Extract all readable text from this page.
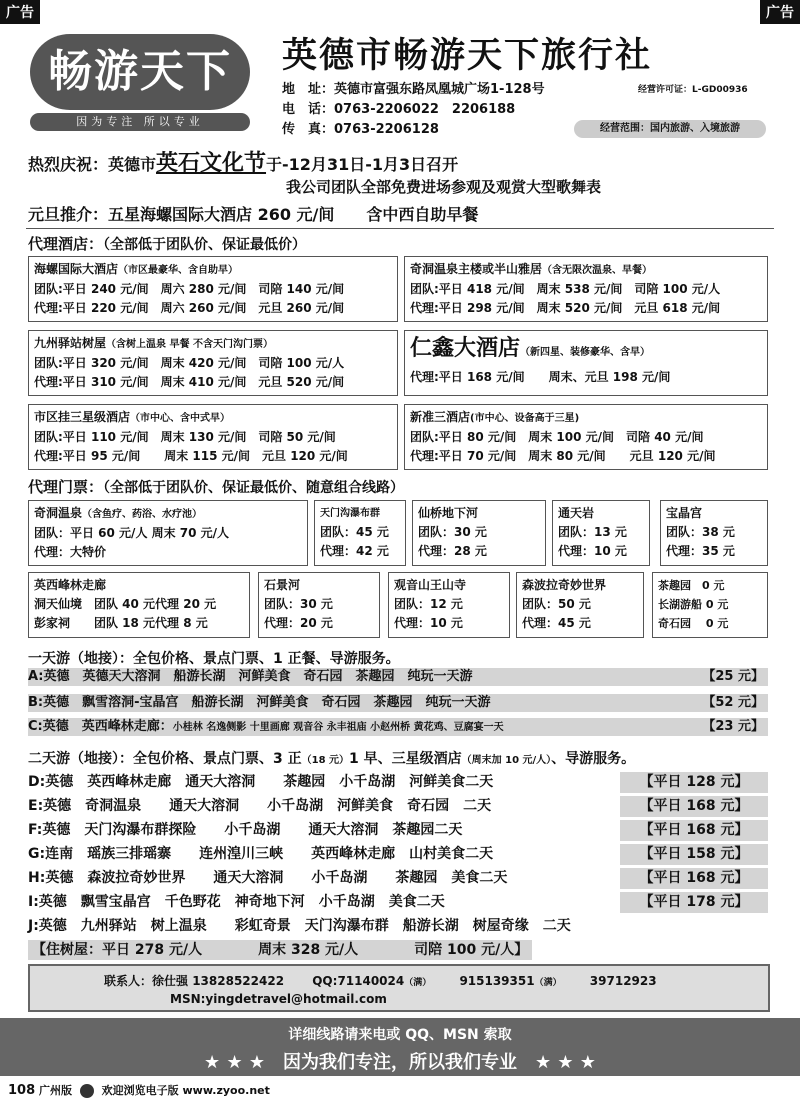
广告	广告
畅游天下
因为专注 所以专业
英德市畅游天下旅行社
地　址：英德市富强东路凤凰城广场1-128号	经营许可证：L-GD00936
电　话：0763-2206022　2206188
传　真：0763-2206128	经营范围：国内旅游、入境旅游
热烈庆祝：英德市英石文化节于-12月31日-1月3日召开
我公司团队全部免费进场参观及观赏大型歌舞表
元旦推介：五星海螺国际大酒店 260 元/间　　含中西自助早餐
代理酒店：（全部低于团队价、保证最低价）
海螺国际大酒店（市区最豪华、含自助早）
团队:平日 240 元/间　周六 280 元/间　司陪 140 元/间
代理:平日 220 元/间　周六 260 元/间　元旦 260 元/间
奇洞温泉主楼或半山雅居（含无限次温泉、早餐）
团队:平日 418 元/间　周末 538 元/间　司陪 100 元/人
代理:平日 298 元/间　周末 520 元/间　元旦 618 元/间
九州驿站树屋（含树上温泉 早餐 不含天门沟门票）
团队:平日 320 元/间　周末 420 元/间　司陪 100 元/人
代理:平日 310 元/间　周末 410 元/间　元旦 520 元/间
仁鑫大酒店（新四星、装修豪华、含早）
代理:平日 168 元/间　　周末、元旦 198 元/间
市区挂三星级酒店（市中心、含中式早）
团队:平日 110 元/间　周末 130 元/间　司陪 50 元/间
代理:平日 95 元/间　　周末 115 元/间　元旦 120 元/间
新准三酒店(市中心、设备高于三星)
团队:平日 80 元/间　周末 100 元/间　司陪 40 元/间
代理:平日 70 元/间　周末 80 元/间　　元旦 120 元/间
代理门票：（全部低于团队价、保证最低价、随意组合线路）
奇洞温泉（含鱼疗、药浴、水疗池）
团队：平日 60 元/人 周末 70 元/人
代理：大特价
天门沟瀑布群
团队：45 元
代理：42 元
仙桥地下河
团队：30 元
代理：28 元
通天岩
团队：13 元
代理：10 元
宝晶宫
团队：38 元
代理：35 元
英西峰林走廊
洞天仙境　团队 40 元代理 20 元
彭家祠　　团队 18 元代理 8 元
石景河
团队：30 元
代理：20 元
观音山王山寺
团队：12 元
代理：10 元
森波拉奇妙世界
团队：50 元
代理：45 元
茶趣园　0 元
长湖游船 0 元
奇石园　 0 元
一天游（地接）：全包价格、景点门票、1 正餐、导游服务。
A:英德　英德天大溶洞　船游长湖　河鲜美食　奇石园　茶趣园　纯玩一天游	【25 元】
B:英德　飘雪溶洞-宝晶宫　船游长湖　河鲜美食　奇石园　茶趣园　纯玩一天游	【52 元】
C:英德　英西峰林走廊：小桂林 名逸侧影 十里画廊 观音谷 永丰祖庙 小赵州桥 黄花鸡、豆腐宴一天	【23 元】
二天游（地接）：全包价格、景点门票、3 正（18 元）1 早、三星级酒店（周末加 10 元/人）、导游服务。
D:英德　英西峰林走廊　通天大溶洞　　茶趣园　小千岛湖　河鲜美食二天	【平日 128 元】
E:英德　奇洞温泉　　通天大溶洞　　小千岛湖　河鲜美食　奇石园　二天	【平日 168 元】
F:英德　天门沟瀑布群探险　　小千岛湖　　通天大溶洞　茶趣园二天	【平日 168 元】
G:连南　瑶族三排瑶寨　　连州湟川三峡　　英西峰林走廊　山村美食二天	【平日 158 元】
H:英德　森波拉奇妙世界　　通天大溶洞　　小千岛湖　　茶趣园　美食二天	【平日 168 元】
I:英德　飘雪宝晶宫　千色野花　神奇地下河　小千岛湖　美食二天	【平日 178 元】
J:英德　九州驿站　树上温泉　　彩虹奇景　天门沟瀑布群　船游长湖　树屋奇缘　二天
【住树屋：平日 278 元/人　　　　周末 328 元/人　　　　司陪 100 元/人】
联系人：徐仕强 13828522422 　　 QQ:71140024（满） 　　 915139351（满） 　　 39712923
MSN:yingdetravel@hotmail.com
详细线路请来电或 QQ、MSN 索取
★ ★ ★　因为我们专注，所以我们专业　★ ★ ★
108 广州版	欢迎浏览电子版 www.zyoo.net
